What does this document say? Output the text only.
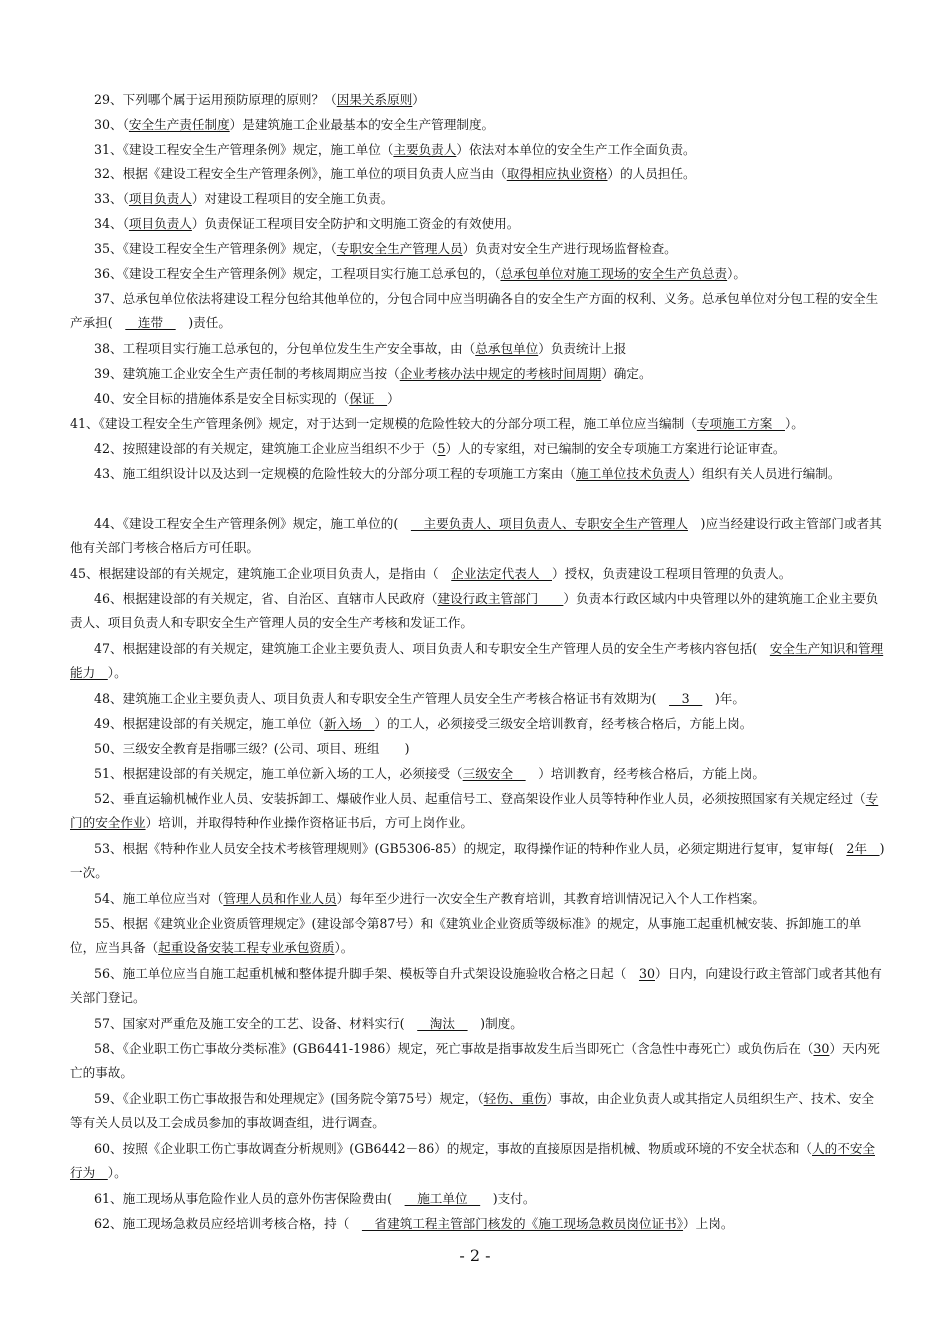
29、下列哪个属于运用预防原理的原则？（因果关系原则）
30、（安全生产责任制度）是建筑施工企业最基本的安全生产管理制度。
31、《建设工程安全生产管理条例》规定，施工单位（主要负责人）依法对本单位的安全生产工作全面负责。
32、根据《建设工程安全生产管理条例》，施工单位的项目负责人应当由（取得相应执业资格）的人员担任。
33、（项目负责人）对建设工程项目的安全施工负责。
34、（项目负责人）负责保证工程项目安全防护和文明施工资金的有效使用。
35、《建设工程安全生产管理条例》规定，（专职安全生产管理人员）负责对安全生产进行现场监督检查。
36、《建设工程安全生产管理条例》规定，工程项目实行施工总承包的，（总承包单位对施工现场的安全生产负总责）。
37、总承包单位依法将建设工程分包给其他单位的，分包合同中应当明确各自的安全生产方面的权利、义务。总承包单位对分包工程的安全生产承担(　　连带　　)责任。
38、工程项目实行施工总承包的，分包单位发生生产安全事故，由（总承包单位）负责统计上报
39、建筑施工企业安全生产责任制的考核周期应当按（企业考核办法中规定的考核时间周期）确定。
40、安全目标的措施体系是安全目标实现的（保证　）
41、《建设工程安全生产管理条例》规定，对于达到一定规模的危险性较大的分部分项工程，施工单位应当编制（专项施工方案　）。
42、按照建设部的有关规定，建筑施工企业应当组织不少于（5）人的专家组，对已编制的安全专项施工方案进行论证审查。
43、施工组织设计以及达到一定规模的危险性较大的分部分项工程的专项施工方案由（施工单位技术负责人）组织有关人员进行编制。
44、《建设工程安全生产管理条例》规定，施工单位的(　　主要负责人、项目负责人、专职安全生产管理人　)应当经建设行政主管部门或者其他有关部门考核合格后方可任职。
45、根据建设部的有关规定，建筑施工企业项目负责人，是指由（　企业法定代表人　）授权，负责建设工程项目管理的负责人。
46、根据建设部的有关规定，省、自治区、直辖市人民政府（建设行政主管部门　　）负责本行政区域内中央管理以外的建筑施工企业主要负责人、项目负责人和专职安全生产管理人员的安全生产考核和发证工作。
47、根据建设部的有关规定，建筑施工企业主要负责人、项目负责人和专职安全生产管理人员的安全生产考核内容包括(　安全生产知识和管理能力　）。
48、建筑施工企业主要负责人、项目负责人和专职安全生产管理人员安全生产考核合格证书有效期为(　　3　　)年。
49、根据建设部的有关规定，施工单位（新入场　）的工人，必须接受三级安全培训教育，经考核合格后，方能上岗。
50、三级安全教育是指哪三级？(公司、项目、班组　　)
51、根据建设部的有关规定，施工单位新入场的工人，必须接受（三级安全　　）培训教育，经考核合格后，方能上岗。
52、垂直运输机械作业人员、安装拆卸工、爆破作业人员、起重信号工、登高架设作业人员等特种作业人员，必须按照国家有关规定经过（专门的安全作业）培训，并取得特种作业操作资格证书后，方可上岗作业。
53、根据《特种作业人员安全技术考核管理规则》(GB5306-85）的规定，取得操作证的特种作业人员，必须定期进行复审，复审每(　2年　)一次。
54、施工单位应当对（管理人员和作业人员）每年至少进行一次安全生产教育培训，其教育培训情况记入个人工作档案。
55、根据《建筑业企业资质管理规定》(建设部令第87号）和《建筑业企业资质等级标准》的规定，从事施工起重机械安装、拆卸施工的单位，应当具备（起重设备安装工程专业承包资质）。
56、施工单位应当自施工起重机械和整体提升脚手架、模板等自升式架设设施验收合格之日起（　30）日内，向建设行政主管部门或者其他有关部门登记。
57、国家对严重危及施工安全的工艺、设备、材料实行(　　淘汰　　)制度。
58、《企业职工伤亡事故分类标准》(GB6441-1986）规定，死亡事故是指事故发生后当即死亡（含急性中毒死亡）或负伤后在（30）天内死亡的事故。
59、《企业职工伤亡事故报告和处理规定》(国务院令第75号）规定，（轻伤、重伤）事故，由企业负责人或其指定人员组织生产、技术、安全等有关人员以及工会成员参加的事故调查组，进行调查。
60、按照《企业职工伤亡事故调查分析规则》(GB6442－86）的规定，事故的直接原因是指机械、物质或环境的不安全状态和（人的不安全行为　）。
61、施工现场从事危险作业人员的意外伤害保险费由(　　施工单位　　)支付。
62、施工现场急救员应经培训考核合格，持（　　省建筑工程主管部门核发的《施工现场急救员岗位证书》）上岗。
- 2 -
